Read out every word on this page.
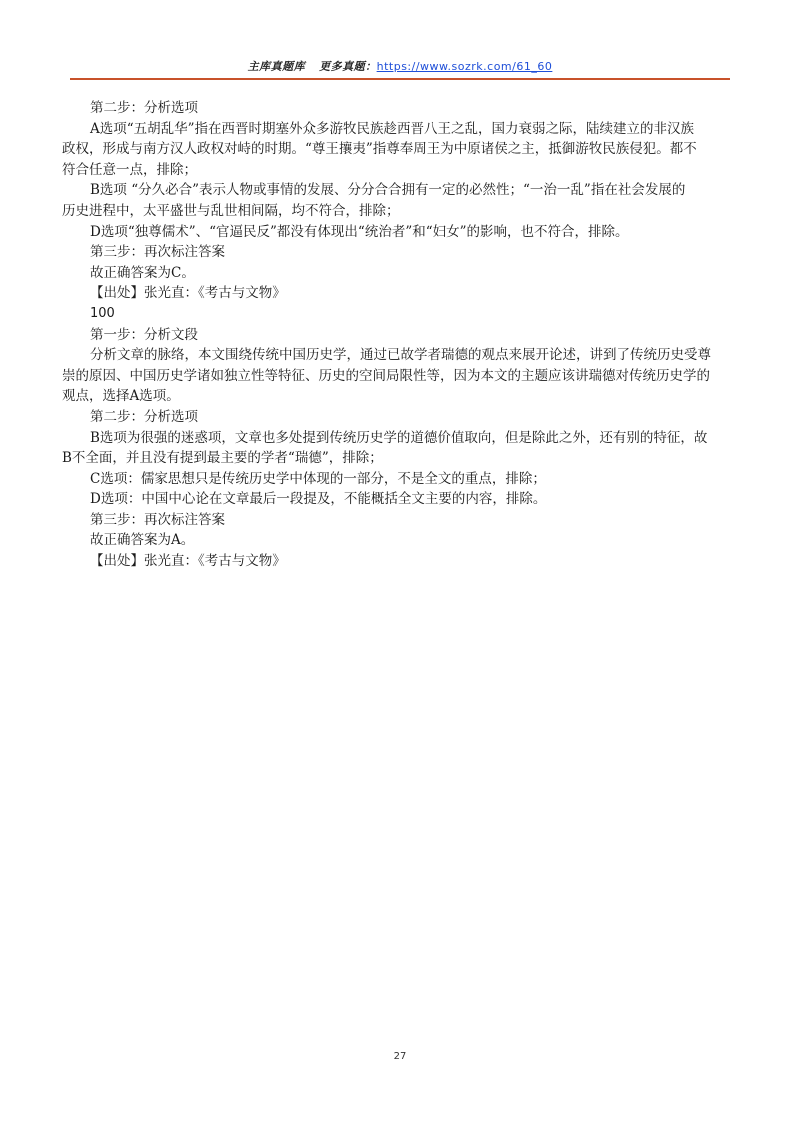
主库真题库 更多真题：https://www.sozrk.com/61_60
第二步：分析选项
A选项“五胡乱华”指在西晋时期塞外众多游牧民族趁西晋八王之乱，国力衰弱之际，陆续建立的非汉族
政权，形成与南方汉人政权对峙的时期。“尊王攘夷”指尊奉周王为中原诸侯之主，抵御游牧民族侵犯。都不
符合任意一点，排除；
B选项 “分久必合”表示人物或事情的发展、分分合合拥有一定的必然性；“一治一乱”指在社会发展的
历史进程中，太平盛世与乱世相间隔，均不符合，排除；
D选项“独尊儒术”、“官逼民反”都没有体现出“统治者”和“妇女”的影响，也不符合，排除。
第三步：再次标注答案
故正确答案为C。
【出处】张光直：《考古与文物》
100
第一步：分析文段
分析文章的脉络，本文围绕传统中国历史学，通过已故学者瑞德的观点来展开论述，讲到了传统历史受尊
崇的原因、中国历史学诸如独立性等特征、历史的空间局限性等，因为本文的主题应该讲瑞德对传统历史学的
观点，选择A选项。
第二步：分析选项
B选项为很强的迷惑项，文章也多处提到传统历史学的道德价值取向，但是除此之外，还有别的特征，故
B不全面，并且没有提到最主要的学者“瑞德”，排除；
C选项：儒家思想只是传统历史学中体现的一部分，不是全文的重点，排除；
D选项：中国中心论在文章最后一段提及，不能概括全文主要的内容，排除。
第三步：再次标注答案
故正确答案为A。
【出处】张光直：《考古与文物》
27
